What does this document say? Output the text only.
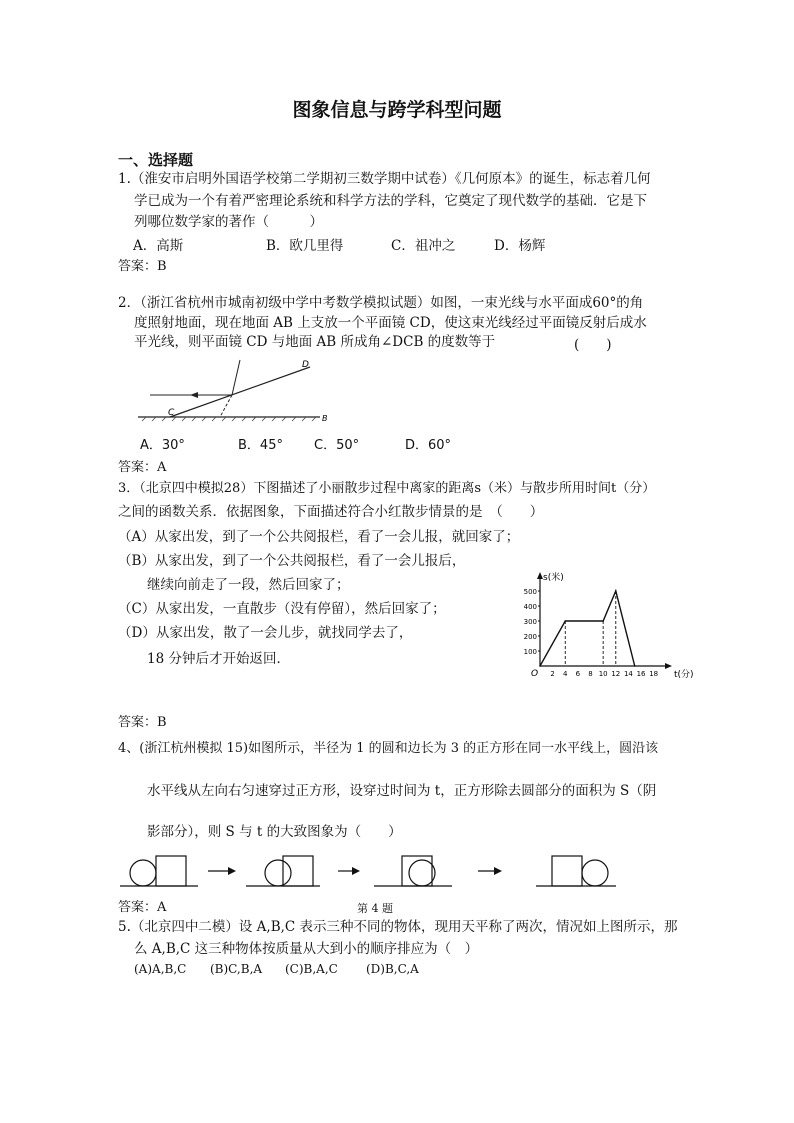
图象信息与跨学科型问题
一、选择题
1.（淮安市启明外国语学校第二学期初三数学期中试卷）《几何原本》的诞生，标志着几何
学已成为一个有着严密理论系统和科学方法的学科，它奠定了现代数学的基础．它是下
列哪位数学家的著作（　　　）
A．高斯	B．欧几里得	C．祖冲之	D．杨辉
答案：B
2．（浙江省杭州市城南初级中学中考数学模拟试题）如图，一束光线与水平面成60°的角
度照射地面，现在地面 AB 上支放一个平面镜 CD，使这束光线经过平面镜反射后成水
平光线，则平面镜 CD 与地面 AB 所成角∠DCB 的度数等于	(　　)
C
B
D
A．30°	B．45° C．50°	D．60°
答案：A
3．（北京四中模拟28）下图描述了小丽散步过程中离家的距离s（米）与散步所用时间t（分）
之间的函数关系．依据图象，下面描述符合小红散步情景的是　（　　）
（A）从家出发，到了一个公共阅报栏，看了一会儿报，就回家了；
（B）从家出发，到了一个公共阅报栏，看了一会儿报后，
继续向前走了一段，然后回家了；
（C）从家出发，一直散步（没有停留），然后回家了；
（D）从家出发，散了一会儿步，就找同学去了，
18 分钟后才开始返回．	100
200
300
400
500
2 4 6 8 10 12 14 16 18
s(米)
t(分)
O
答案：B
4、(浙江杭州模拟 15)如图所示，半径为 1 的圆和边长为 3 的正方形在同一水平线上，圆沿该
水平线从左向右匀速穿过正方形，设穿过时间为 t，正方形除去圆部分的面积为 S（阴
影部分），则 S 与 t 的大致图象为（　　）
答案：A	第 4 题
5.（北京四中二模）设 A,B,C 表示三种不同的物体，现用天平称了两次，情况如上图所示，那
么 A,B,C 这三种物体按质量从大到小的顺序排应为（　）
(A)A,B,C (B)C,B,A (C)B,A,C (D)B,C,A
